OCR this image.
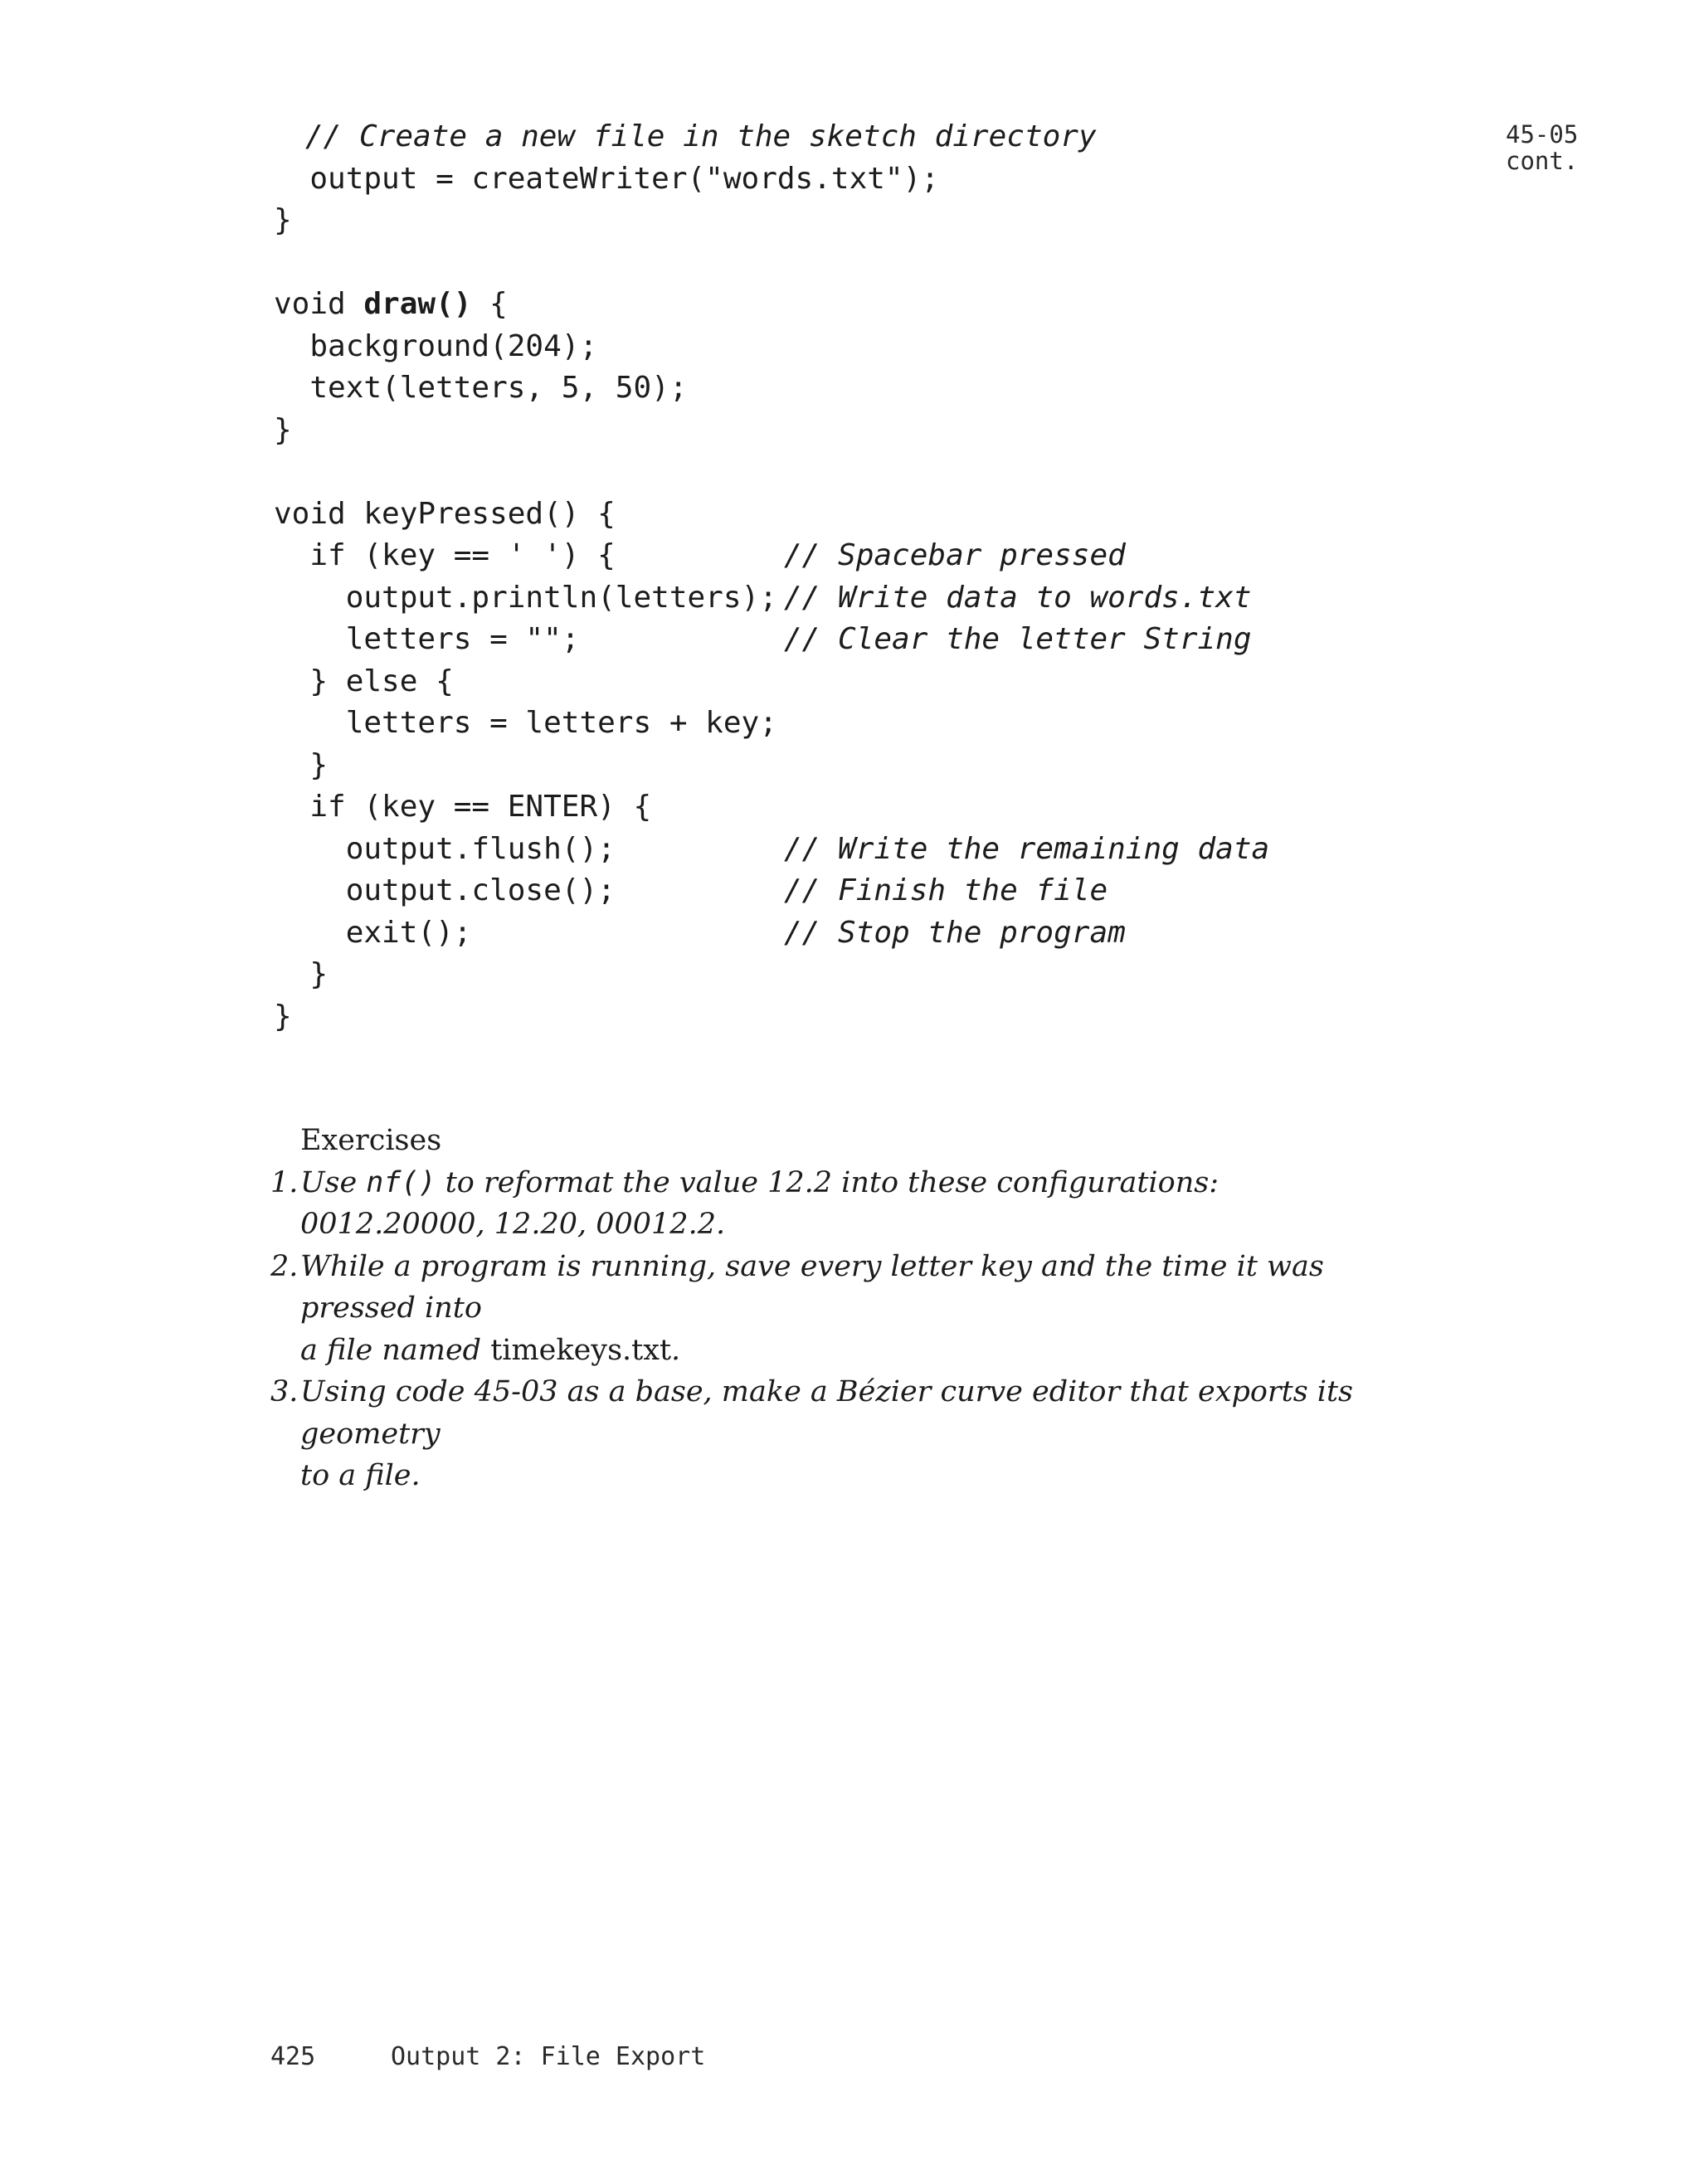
45-05
cont.

// Create a new file in the sketch directory
output = createWriter("words.txt");
}
void draw() {
background(204);
text(letters, 5, 50);
}
void keyPressed() {
if (key == ' ') {	// Spacebar pressed
output.println(letters); // Write data to words.txt
letters = "";	// Clear the letter String
} else {
letters = letters + key;
}
if (key == ENTER) {
output.flush();	// Write the remaining data
output.close();	// Finish the file
exit();	// Stop the program
}
}
Exercises
1. Use nf() to reformat the value 12.2 into these configurations:
0012.20000, 12.20, 00012.2.
2. While a program is running, save every letter key and the time it was pressed into
a file named timekeys.txt.
3. Using code 45-03 as a base, make a Bézier curve editor that exports its geometry
to a file.
425	Output 2: File Export
